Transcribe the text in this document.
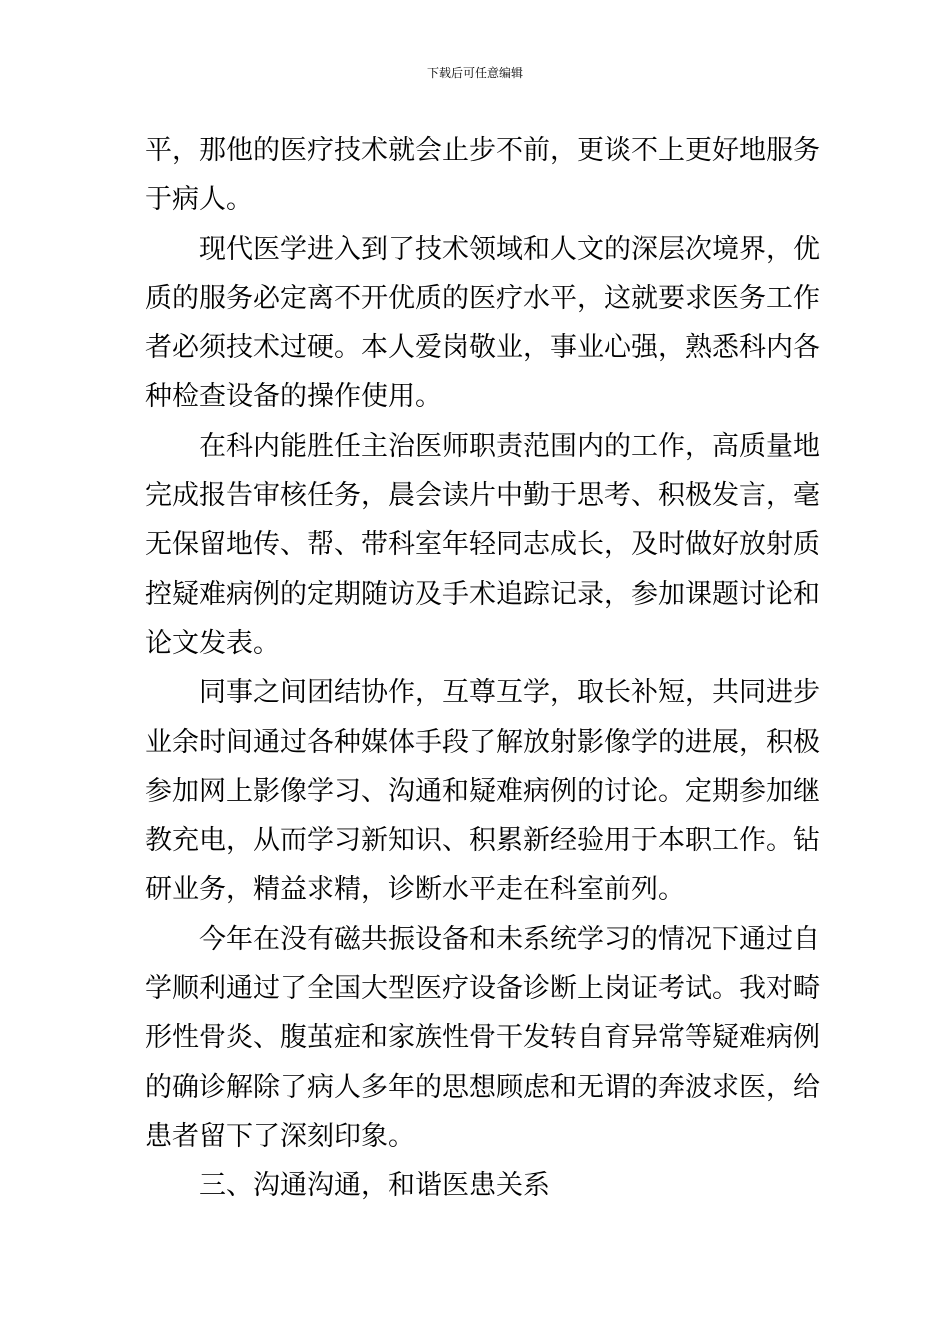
下载后可任意编辑
平，那他的医疗技术就会止步不前，更谈不上更好地服务
于病人。
现代医学进入到了技术领域和人文的深层次境界，优
质的服务必定离不开优质的医疗水平，这就要求医务工作
者必须技术过硬。本人爱岗敬业，事业心强，熟悉科内各
种检查设备的操作使用。
在科内能胜任主治医师职责范围内的工作，高质量地
完成报告审核任务，晨会读片中勤于思考、积极发言，毫
无保留地传、帮、带科室年轻同志成长，及时做好放射质
控疑难病例的定期随访及手术追踪记录，参加课题讨论和
论文发表。
同事之间团结协作，互尊互学，取长补短，共同进步
业余时间通过各种媒体手段了解放射影像学的进展，积极
参加网上影像学习、沟通和疑难病例的讨论。定期参加继
教充电，从而学习新知识、积累新经验用于本职工作。钻
研业务，精益求精，诊断水平走在科室前列。
今年在没有磁共振设备和未系统学习的情况下通过自
学顺利通过了全国大型医疗设备诊断上岗证考试。我对畸
形性骨炎、腹茧症和家族性骨干发转自育异常等疑难病例
的确诊解除了病人多年的思想顾虑和无谓的奔波求医，给
患者留下了深刻印象。
三、沟通沟通，和谐医患关系
